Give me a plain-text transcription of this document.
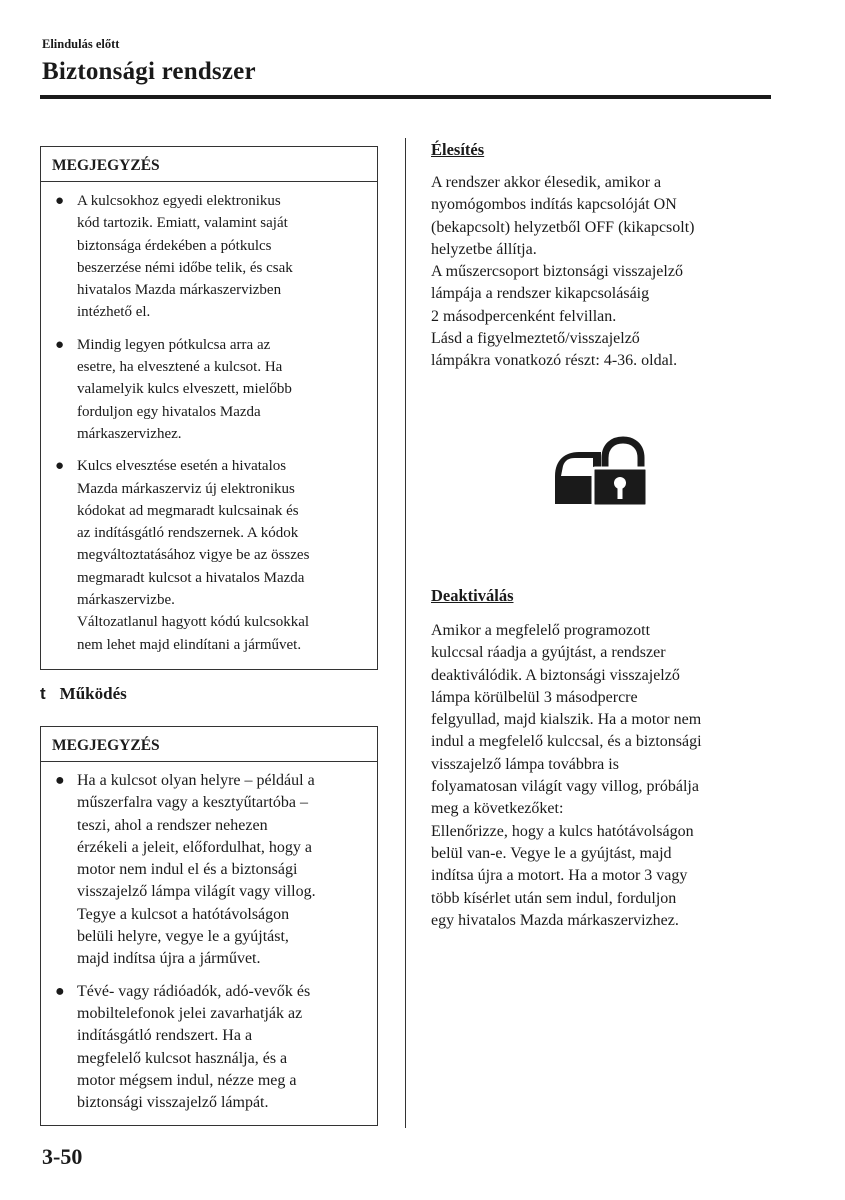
Elindulás előtt
Biztonsági rendszer
MEGJEGYZÉS
● A kulcsokhoz egyedi elektronikus
kód tartozik. Emiatt, valamint saját
biztonsága érdekében a pótkulcs
beszerzése némi időbe telik, és csak
hivatalos Mazda márkaszervizben
intézhető el.
● Mindig legyen pótkulcsa arra az
esetre, ha elvesztené a kulcsot. Ha
valamelyik kulcs elveszett, mielőbb
forduljon egy hivatalos Mazda
márkaszervizhez.
● Kulcs elvesztése esetén a hivatalos
Mazda márkaszerviz új elektronikus
kódokat ad megmaradt kulcsainak és
az indításgátló rendszernek. A kódok
megváltoztatásához vigye be az összes
megmaradt kulcsot a hivatalos Mazda
márkaszervizbe.
Változatlanul hagyott kódú kulcsokkal
nem lehet majd elindítani a járművet.
t Működés
MEGJEGYZÉS
● Ha a kulcsot olyan helyre – például a
műszerfalra vagy a kesztyűtartóba –
teszi, ahol a rendszer nehezen
érzékeli a jeleit, előfordulhat, hogy a
motor nem indul el és a biztonsági
visszajelző lámpa világít vagy villog.
Tegye a kulcsot a hatótávolságon
belüli helyre, vegye le a gyújtást,
majd indítsa újra a járművet.
● Tévé- vagy rádióadók, adó-vevők és
mobiltelefonok jelei zavarhatják az
indításgátló rendszert. Ha a
megfelelő kulcsot használja, és a
motor mégsem indul, nézze meg a
biztonsági visszajelző lámpát.
Élesítés

A rendszer akkor élesedik, amikor a
nyomógombos indítás kapcsolóját ON
(bekapcsolt) helyzetből OFF (kikapcsolt)
helyzetbe állítja.
A műszercsoport biztonsági visszajelző
lámpája a rendszer kikapcsolásáig
2 másodpercenként felvillan.
Lásd a figyelmeztető/visszajelző
lámpákra vonatkozó részt: 4-36. oldal.

Deaktiválás

Amikor a megfelelő programozott
kulccsal ráadja a gyújtást, a rendszer
deaktiválódik. A biztonsági visszajelző
lámpa körülbelül 3 másodpercre
felgyullad, majd kialszik. Ha a motor nem
indul a megfelelő kulccsal, és a biztonsági
visszajelző lámpa továbbra is
folyamatosan világít vagy villog, próbálja
meg a következőket:
Ellenőrizze, hogy a kulcs hatótávolságon
belül van-e. Vegye le a gyújtást, majd
indítsa újra a motort. Ha a motor 3 vagy
több kísérlet után sem indul, forduljon
egy hivatalos Mazda márkaszervizhez.

3-50
